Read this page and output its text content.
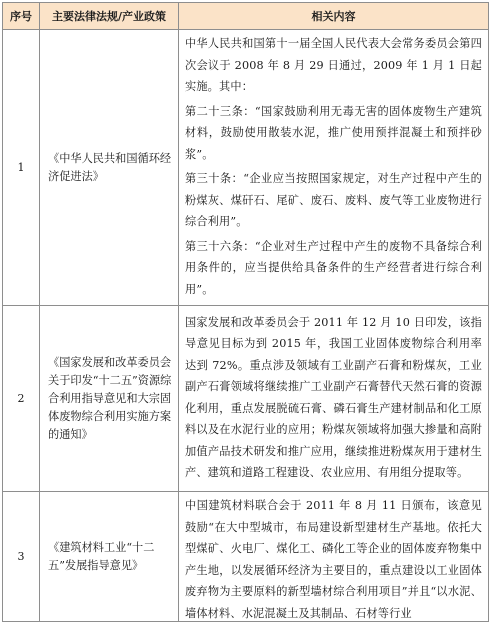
序号	主要法律法规/产业政策	相关内容
1	《中华人民共和国循环经济促进法》	中华人民共和国第十一届全国人民代表大会常务委员会第四次会议于 2008 年 8 月 29 日通过，2009 年 1 月 1 日起实施。其中：

第二十三条：“国家鼓励利用无毒无害的固体废物生产建筑材料，鼓励使用散装水泥，推广使用预拌混凝土和预拌砂浆”。

第三十条：“企业应当按照国家规定，对生产过程中产生的粉煤灰、煤矸石、尾矿、废石、废料、废气等工业废物进行综合利用”。

第三十六条：“企业对生产过程中产生的废物不具备综合利用条件的，应当提供给具备条件的生产经营者进行综合利用”。

2	《国家发展和改革委员会关于印发“十二五”资源综合利用指导意见和大宗固体废物综合利用实施方案的通知》	国家发展和改革委员会于 2011 年 12 月 10 日印发，该指导意见目标为到 2015 年，我国工业固体废物综合利用率达到 72%。重点涉及领域有工业副产石膏和粉煤灰，工业副产石膏领域将继续推广工业副产石膏替代天然石膏的资源化利用，重点发展脱硫石膏、磷石膏生产建材制品和化工原料以及在水泥行业的应用；粉煤灰领域将加强大掺量和高附加值产品技术研发和推广应用，继续推进粉煤灰用于建材生产、建筑和道路工程建设、农业应用、有用组分提取等。

3	《建筑材料工业“十二五”发展指导意见》	中国建筑材料联合会于 2011 年 8 月 11 日颁布，该意见鼓励“在大中型城市，布局建设新型建材生产基地。依托大型煤矿、火电厂、煤化工、磷化工等企业的固体废弃物集中产生地，以发展循环经济为主要目的，重点建设以工业固体废弃物为主要原料的新型墙材综合利用项目”并且“以水泥、墙体材料、水泥混凝土及其制品、石材等行业
